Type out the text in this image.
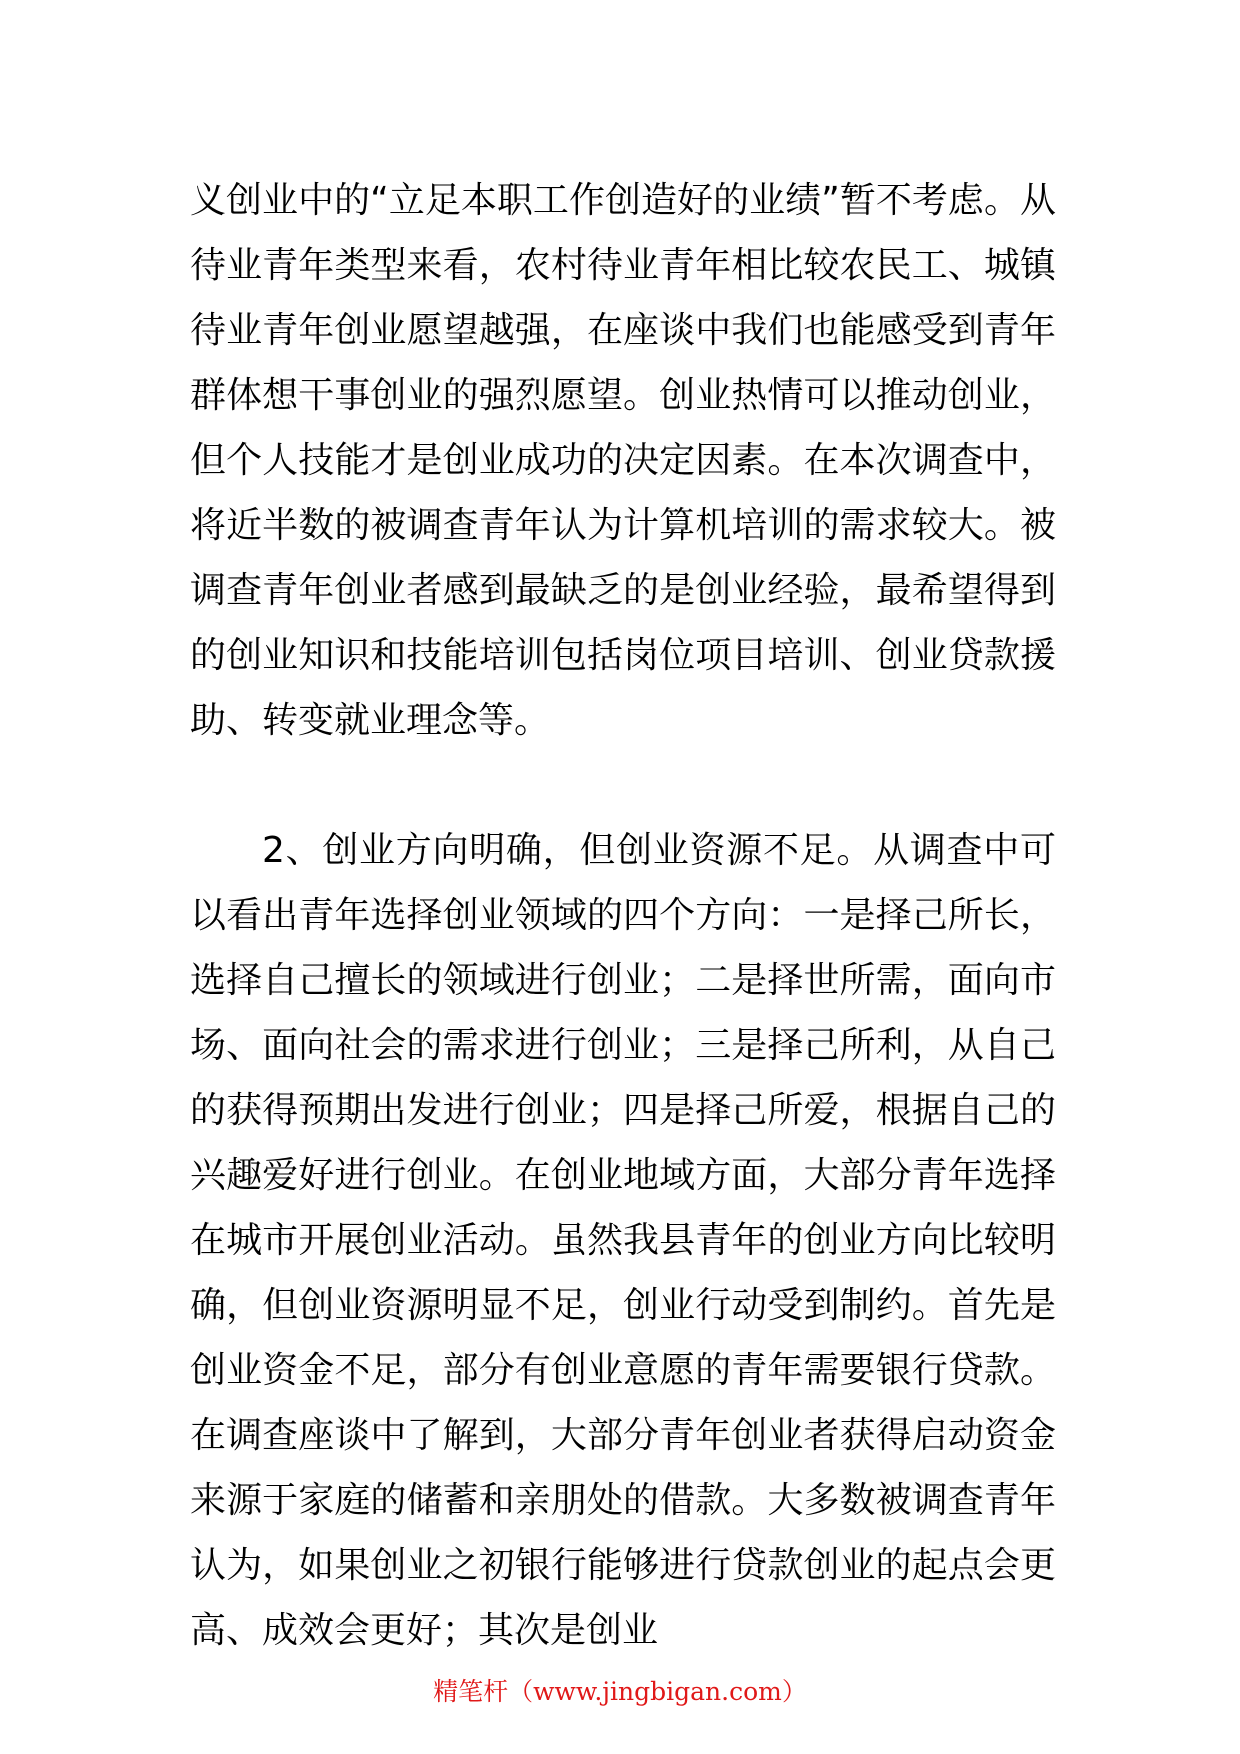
义创业中的“立足本职工作创造好的业绩”暂不考虑。从待业青年类型来看，农村待业青年相比较农民工、城镇待业青年创业愿望越强，在座谈中我们也能感受到青年群体想干事创业的强烈愿望。创业热情可以推动创业，但个人技能才是创业成功的决定因素。在本次调查中，将近半数的被调查青年认为计算机培训的需求较大。被调查青年创业者感到最缺乏的是创业经验，最希望得到的创业知识和技能培训包括岗位项目培训、创业贷款援助、转变就业理念等。

2、创业方向明确，但创业资源不足。从调查中可以看出青年选择创业领域的四个方向：一是择己所长，选择自己擅长的领域进行创业；二是择世所需，面向市场、面向社会的需求进行创业；三是择己所利，从自己的获得预期出发进行创业；四是择己所爱，根据自己的兴趣爱好进行创业。在创业地域方面，大部分青年选择在城市开展创业活动。虽然我县青年的创业方向比较明确，但创业资源明显不足，创业行动受到制约。首先是创业资金不足，部分有创业意愿的青年需要银行贷款。在调查座谈中了解到，大部分青年创业者获得启动资金来源于家庭的储蓄和亲朋处的借款。大多数被调查青年认为，如果创业之初银行能够进行贷款创业的起点会更高、成效会更好；其次是创业

精笔杆（www.jingbigan.com）
